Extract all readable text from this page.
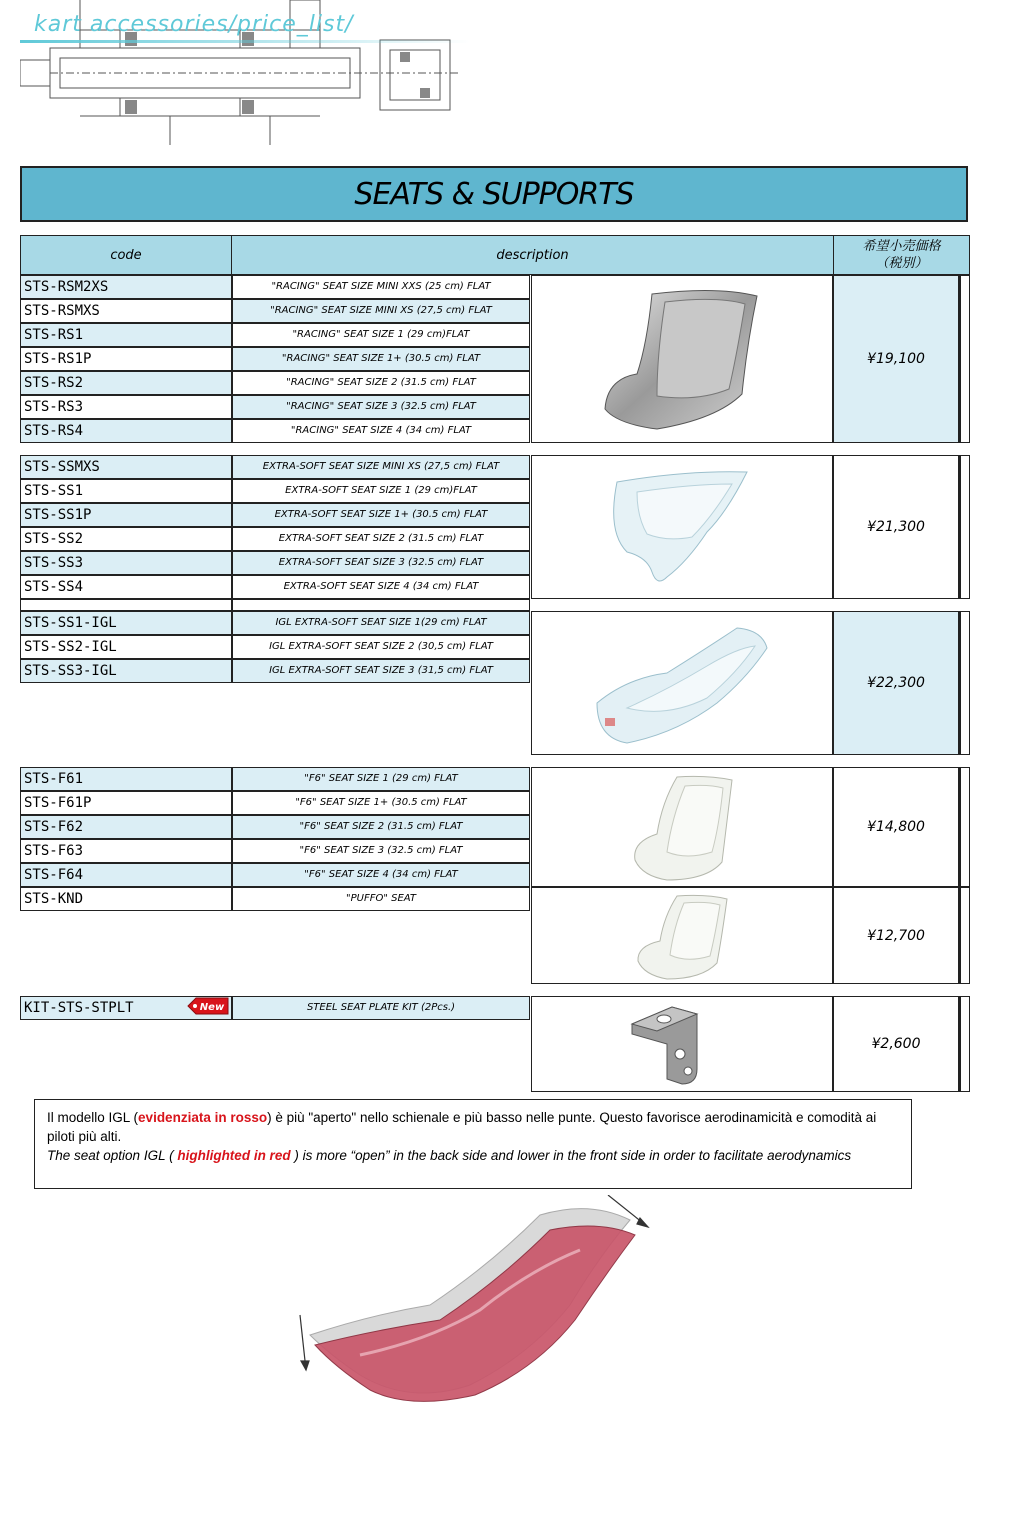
kart accessories/price_list/
SEATS & SUPPORTS
code	description
希望小売価格
（税別）
STS-RSM2XS	"RACING" SEAT SIZE MINI XXS (25 cm) FLAT
STS-RSMXS	"RACING" SEAT SIZE MINI XS (27,5 cm) FLAT
STS-RS1	"RACING" SEAT SIZE 1 (29 cm)FLAT
STS-RS1P	"RACING" SEAT SIZE 1+ (30.5 cm) FLAT
STS-RS2	"RACING" SEAT SIZE 2 (31.5 cm) FLAT
STS-RS3	"RACING" SEAT SIZE 3 (32.5 cm) FLAT
STS-RS4	"RACING" SEAT SIZE 4 (34 cm) FLAT
¥19,100
STS-SSMXS	EXTRA-SOFT SEAT SIZE MINI XS (27,5 cm) FLAT
STS-SS1	EXTRA-SOFT SEAT SIZE 1 (29 cm)FLAT
STS-SS1P	EXTRA-SOFT SEAT SIZE 1+ (30.5 cm) FLAT
STS-SS2	EXTRA-SOFT SEAT SIZE 2 (31.5 cm) FLAT
STS-SS3	EXTRA-SOFT SEAT SIZE 3 (32.5 cm) FLAT
STS-SS4	EXTRA-SOFT SEAT SIZE 4 (34 cm) FLAT
¥21,300
STS-SS1-IGL	IGL EXTRA-SOFT SEAT SIZE 1(29 cm) FLAT
STS-SS2-IGL	IGL EXTRA-SOFT SEAT SIZE 2 (30,5 cm) FLAT
STS-SS3-IGL	IGL EXTRA-SOFT SEAT SIZE 3 (31,5 cm) FLAT
¥22,300
STS-F61	"F6" SEAT SIZE 1 (29 cm) FLAT
STS-F61P	"F6" SEAT SIZE 1+ (30.5 cm) FLAT
STS-F62	"F6" SEAT SIZE 2 (31.5 cm) FLAT
STS-F63	"F6" SEAT SIZE 3 (32.5 cm) FLAT
STS-F64	"F6" SEAT SIZE 4 (34 cm) FLAT
¥14,800
STS-KND	"PUFFO" SEAT
¥12,700
KIT-STS-STPLT	STEEL SEAT PLATE KIT (2Pcs.)
New
¥2,600
Il modello IGL (evidenziata in rosso) è più "aperto" nello schienale e più basso nelle punte. Questo favorisce aerodinamicità e comodità ai piloti più alti.
The seat option IGL ( highlighted in red ) is more “open” in the back side and lower in the front side in order to facilitate aerodynamics
